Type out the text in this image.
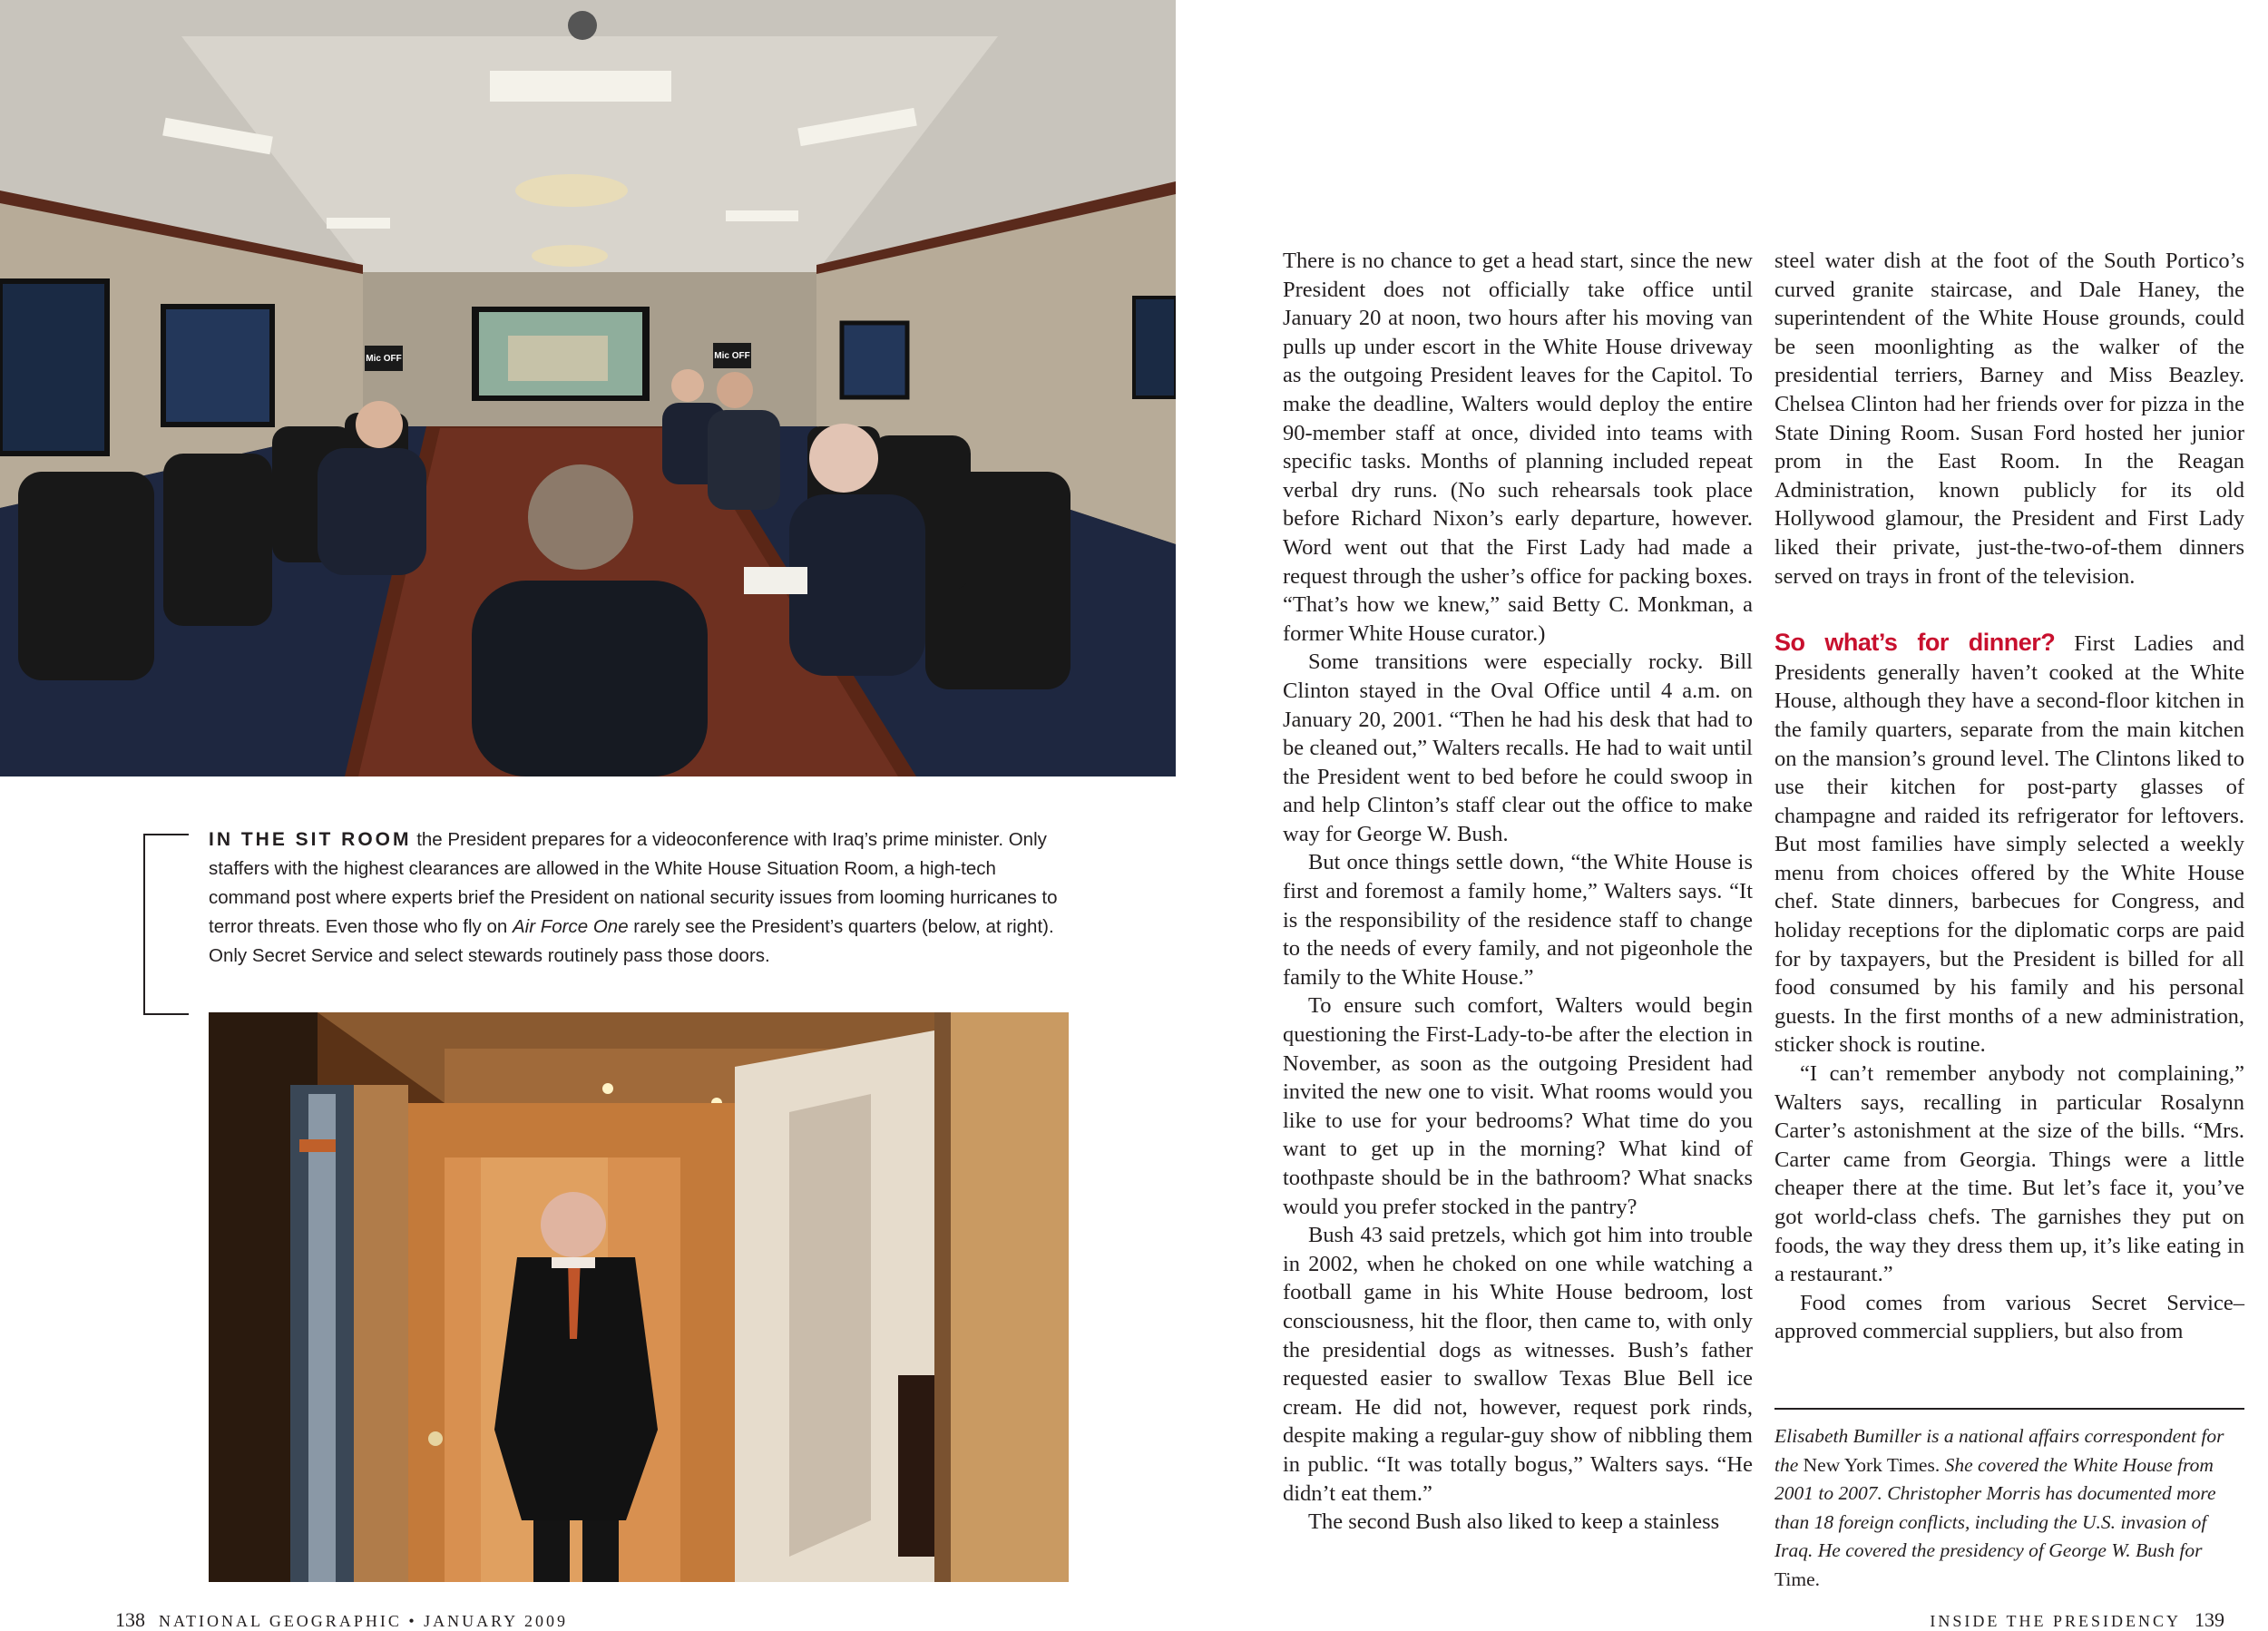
Mic OFF	Mic OFF
IN THE SIT ROOM the President prepares for a videoconference with Iraq’s prime minister. Only staffers with the highest clearances are allowed in the White House Situation Room, a high-tech command post where experts brief the President on national security issues from looming hurricanes to terror threats. Even those who fly on Air Force One rarely see the President’s quarters (below, at right). Only Secret Service and select stewards routinely pass those doors.

There is no chance to get a head start, since the new President does not officially take office until January 20 at noon, two hours after his moving van pulls up under escort in the White House driveway as the outgoing President leaves for the Capitol. To make the deadline, Walters would deploy the entire 90-member staff at once, divided into teams with specific tasks. Months of planning included repeat verbal dry runs. (No such rehearsals took place before Richard Nixon’s early departure, however. Word went out that the First Lady had made a request through the usher’s office for packing boxes. “That’s how we knew,” said Betty C. Monkman, a former White House curator.)

Some transitions were especially rocky. Bill Clinton stayed in the Oval Office until 4 a.m. on January 20, 2001. “Then he had his desk that had to be cleaned out,” Walters recalls. He had to wait until the President went to bed before he could swoop in and help Clinton’s staff clear out the office to make way for George W. Bush.

But once things settle down, “the White House is first and foremost a family home,” Walters says. “It is the responsibility of the residence staff to change to the needs of every family, and not pigeonhole the family to the White House.”

To ensure such comfort, Walters would begin questioning the First-Lady-to-be after the election in November, as soon as the outgoing President had invited the new one to visit. What rooms would you like to use for your bedrooms? What time do you want to get up in the morning? What kind of toothpaste should be in the bathroom? What snacks would you prefer stocked in the pantry?

Bush 43 said pretzels, which got him into trouble in 2002, when he choked on one while watching a football game in his White House bedroom, lost consciousness, hit the floor, then came to, with only the presidential dogs as witnesses. Bush’s father requested easier to swallow Texas Blue Bell ice cream. He did not, however, request pork rinds, despite making a regular-guy show of nibbling them in public. “It was totally bogus,” Walters says. “He didn’t eat them.”

The second Bush also liked to keep a stainless

steel water dish at the foot of the South Portico’s curved granite staircase, and Dale Haney, the superintendent of the White House grounds, could be seen moonlighting as the walker of the presidential terriers, Barney and Miss Beazley. Chelsea Clinton had her friends over for pizza in the State Dining Room. Susan Ford hosted her junior prom in the East Room. In the Reagan Administration, known publicly for its old Hollywood glamour, the President and First Lady liked their private, just-the-two-of-them dinners served on trays in front of the television.

So what’s for dinner? First Ladies and Presidents generally haven’t cooked at the White House, although they have a second-floor kitchen in the family quarters, separate from the main kitchen on the mansion’s ground level. The Clintons liked to use their kitchen for post-party glasses of champagne and raided its refrigerator for leftovers. But most families have simply selected a weekly menu from choices offered by the White House chef. State dinners, barbecues for Congress, and holiday receptions for the diplomatic corps are paid for by taxpayers, but the President is billed for all food consumed by his family and his personal guests. In the first months of a new administration, sticker shock is routine.

“I can’t remember anybody not complaining,” Walters says, recalling in particular Rosalynn Carter’s astonishment at the size of the bills. “Mrs. Carter came from Georgia. Things were a little cheaper there at the time. But let’s face it, you’ve got world-class chefs. The garnishes they put on foods, the way they dress them up, it’s like eating in a restaurant.”

Food comes from various Secret Service–approved commercial suppliers, but also from

Elisabeth Bumiller is a national affairs correspondent for the New York Times. She covered the White House from 2001 to 2007. Christopher Morris has documented more than 18 foreign conflicts, including the U.S. invasion of Iraq. He covered the presidency of George W. Bush for Time.
138 NATIONAL GEOGRAPHIC • JANUARY 2009	INSIDE THE PRESIDENCY 139
